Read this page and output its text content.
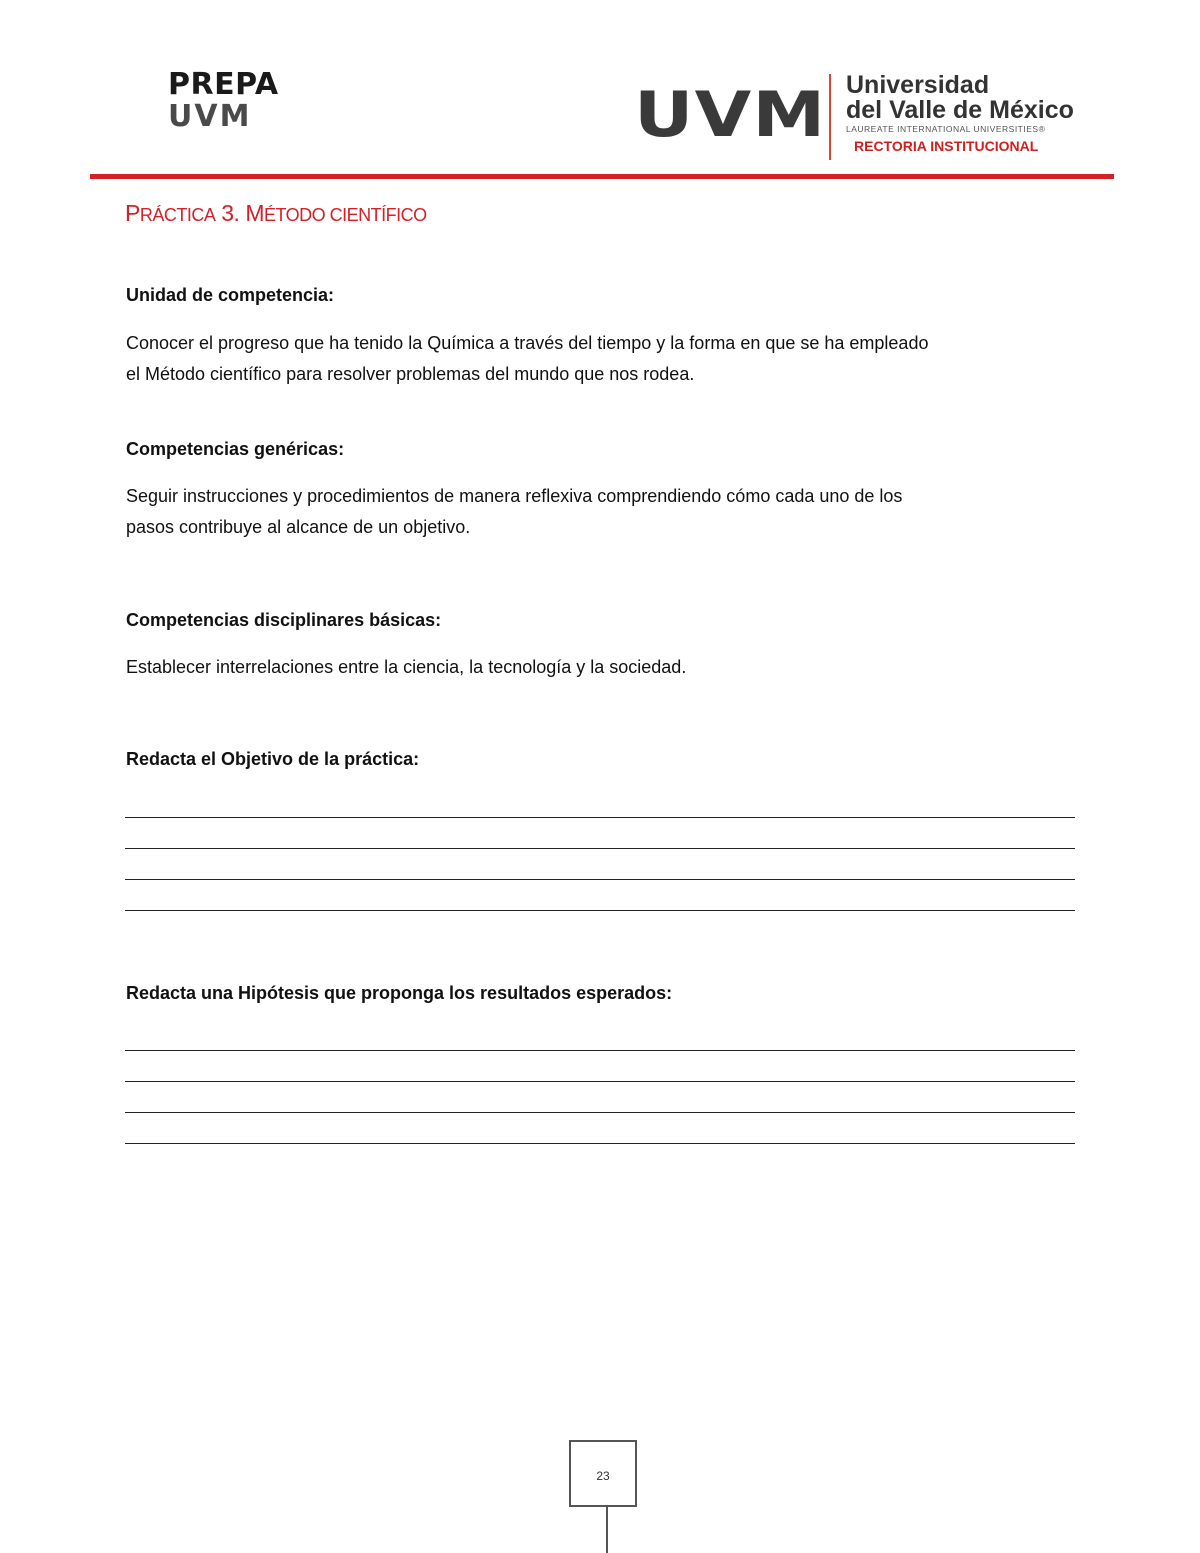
PREPA
UVM	UVM Universidad
del Valle de México
LAUREATE INTERNATIONAL UNIVERSITIES®
RECTORIA INSTITUCIONAL
PRÁCTICA 3. MÉTODO CIENTÍFICO
Unidad de competencia:
Conocer el progreso que ha tenido la Química a través del tiempo y la forma en que se ha empleado
el Método científico para resolver problemas del mundo que nos rodea.
Competencias genéricas:
Seguir instrucciones y procedimientos de manera reflexiva comprendiendo cómo cada uno de los
pasos contribuye al alcance de un objetivo.
Competencias disciplinares básicas:
Establecer interrelaciones entre la ciencia, la tecnología y la sociedad.
Redacta el Objetivo de la práctica:
Redacta una Hipótesis que proponga los resultados esperados:
23
